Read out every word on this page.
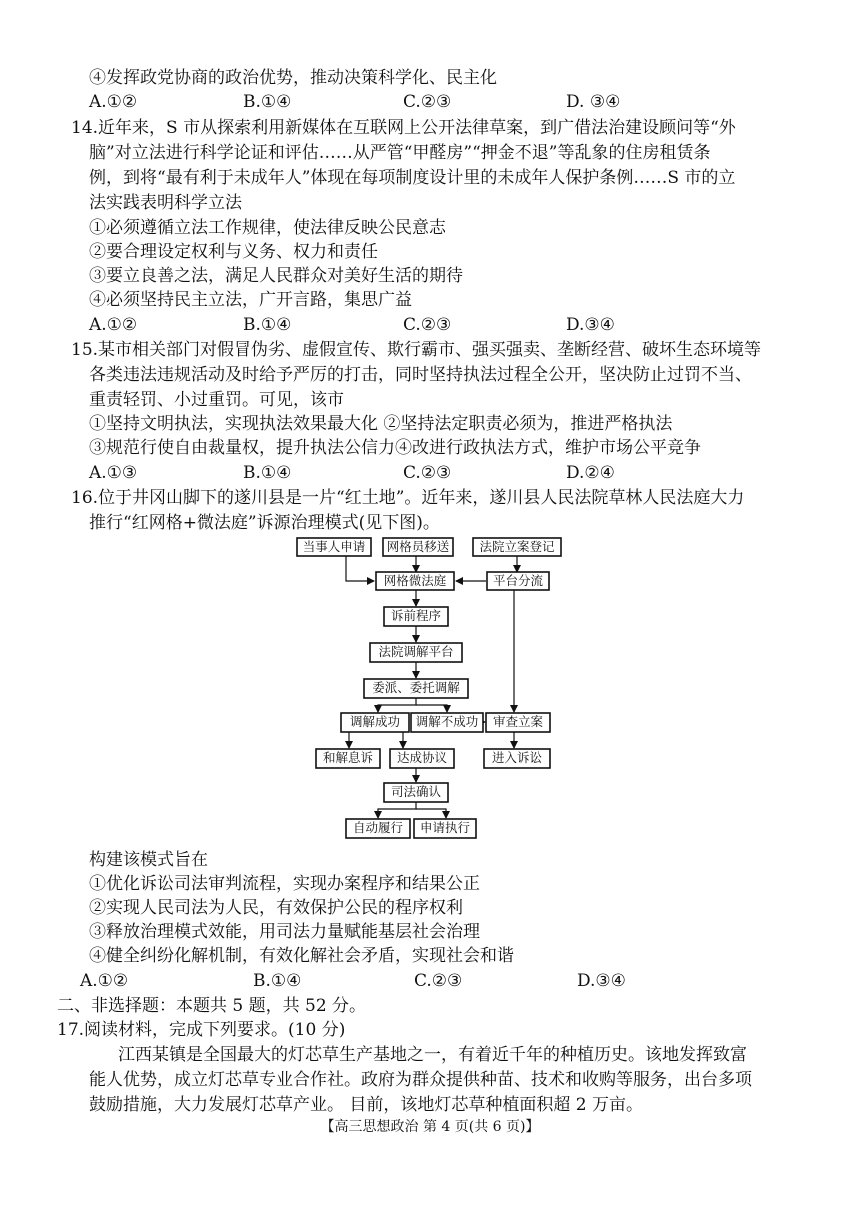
④发挥政党协商的政治优势，推动决策科学化、民主化
A.①②	B.①④	C.②③	D. ③④
14.近年来，S 市从探索利用新媒体在互联网上公开法律草案，到广借法治建设顾问等“外
脑”对立法进行科学论证和评估……从严管“甲醛房”“押金不退”等乱象的住房租赁条
例，到将“最有利于未成年人”体现在每项制度设计里的未成年人保护条例……S 市的立
法实践表明科学立法
①必须遵循立法工作规律，使法律反映公民意志
②要合理设定权利与义务、权力和责任
③要立良善之法，满足人民群众对美好生活的期待
④必须坚持民主立法，广开言路，集思广益
A.①②	B.①④	C.②③	D.③④
15.某市相关部门对假冒伪劣、虚假宣传、欺行霸市、强买强卖、垄断经营、破坏生态环境等
各类违法违规活动及时给予严厉的打击，同时坚持执法过程全公开，坚决防止过罚不当、
重责轻罚、小过重罚。可见，该市
①坚持文明执法，实现执法效果最大化 ②坚持法定职责必须为，推进严格执法
③规范行使自由裁量权，提升执法公信力④改进行政执法方式，维护市场公平竞争
A.①③	B.①④	C.②③	D.②④
16.位于井冈山脚下的遂川县是一片“红土地”。近年来，遂川县人民法院草林人民法庭大力
推行“红网格+微法庭”诉源治理模式(见下图)。
当事人申请 网格员移送 法院立案登记
网格微法庭	平台分流
诉前程序
法院调解平台
委派、委托调解
调解成功 调解不成功 审查立案
和解息诉 达成协议	进入诉讼
司法确认
自动履行 申请执行
构建该模式旨在
①优化诉讼司法审判流程，实现办案程序和结果公正
②实现人民司法为人民，有效保护公民的程序权利
③释放治理模式效能，用司法力量赋能基层社会治理
④健全纠纷化解机制，有效化解社会矛盾，实现社会和谐
A.①②	B.①④	C.②③	D.③④
二、非选择题：本题共 5 题，共 52 分。
17.阅读材料，完成下列要求。(10 分)
江西某镇是全国最大的灯芯草生产基地之一，有着近千年的种植历史。该地发挥致富
能人优势，成立灯芯草专业合作社。政府为群众提供种苗、技术和收购等服务，出台多项
鼓励措施，大力发展灯芯草产业。 目前，该地灯芯草种植面积超 2 万亩。
【高三思想政治 第 4 页(共 6 页)】
